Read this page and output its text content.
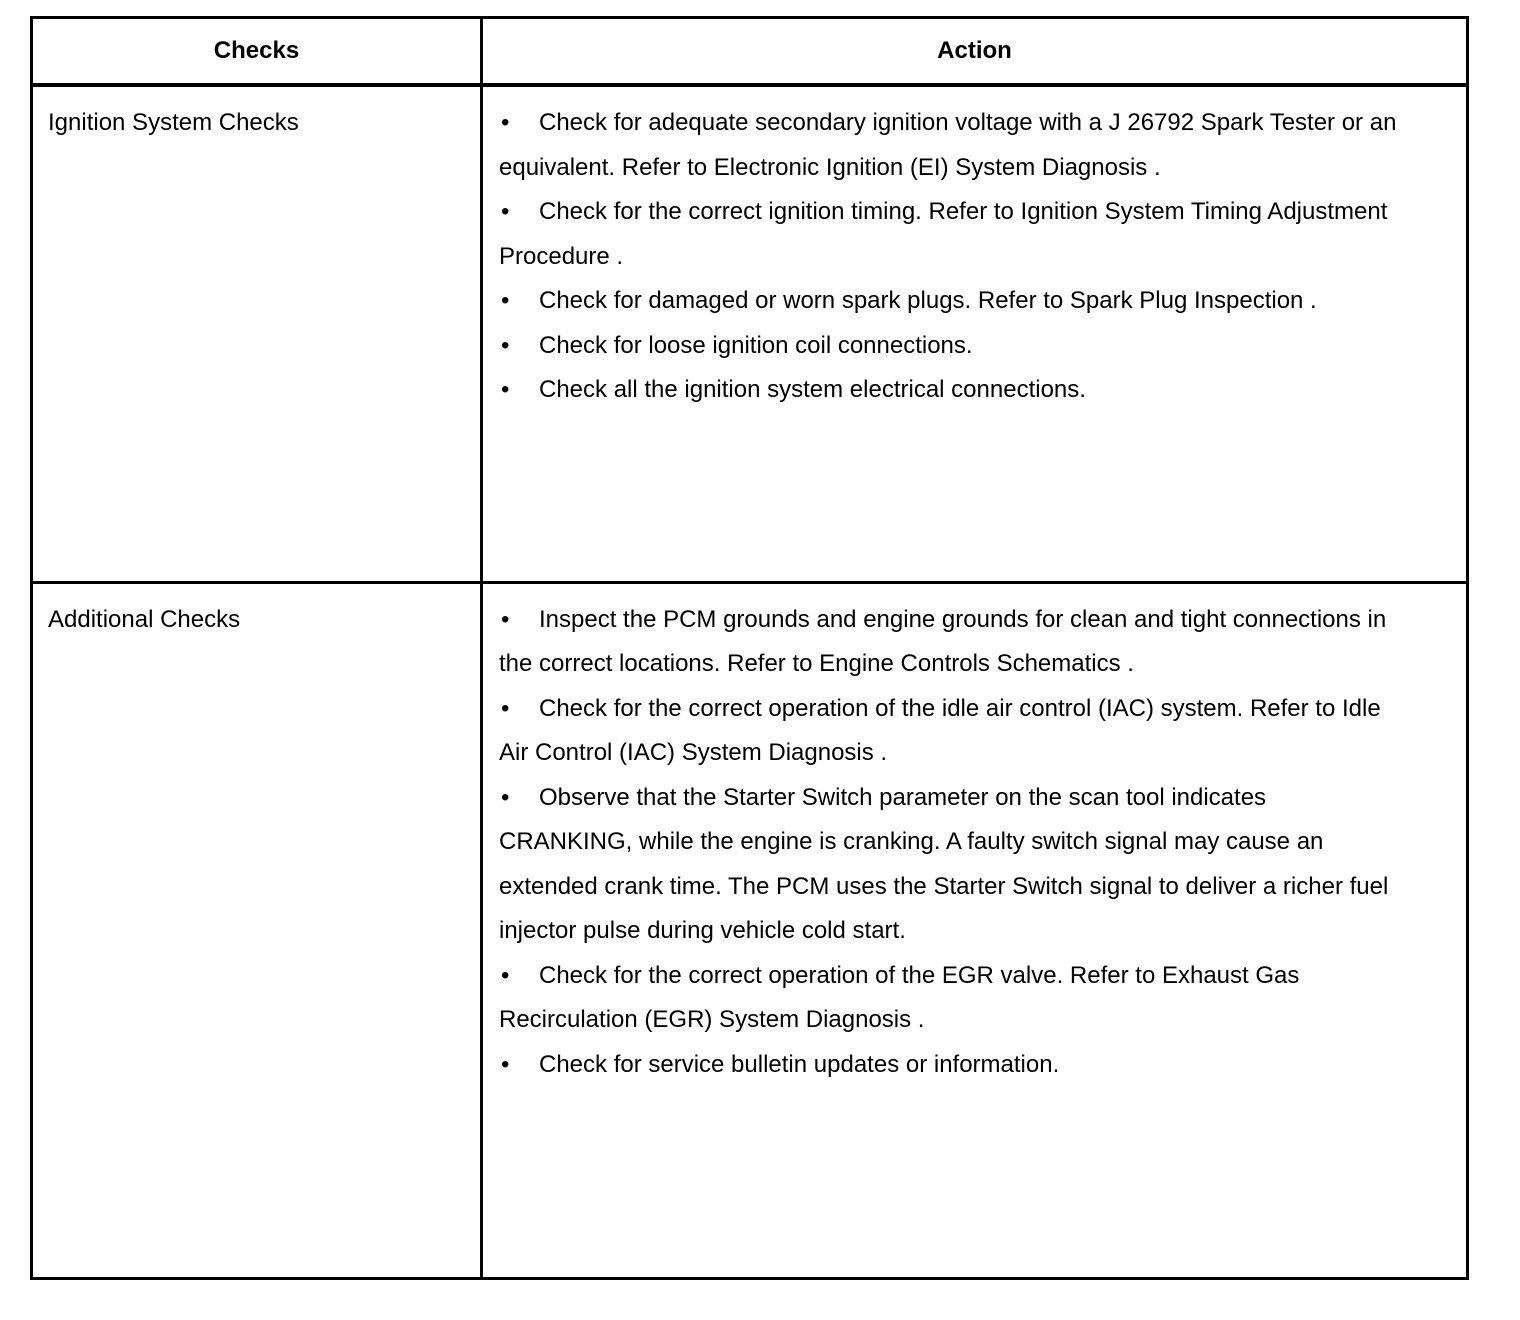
Checks	Action
Ignition System Checks	• Check for adequate secondary ignition voltage with a J 26792 Spark Tester or an equivalent. Refer to Electronic Ignition (EI) System Diagnosis .

• Check for the correct ignition timing. Refer to Ignition System Timing Adjustment Procedure .

• Check for damaged or worn spark plugs. Refer to Spark Plug Inspection .

• Check for loose ignition coil connections.

• Check all the ignition system electrical connections.

Additional Checks	• Inspect the PCM grounds and engine grounds for clean and tight connections in the correct locations. Refer to Engine Controls Schematics .

• Check for the correct operation of the idle air control (IAC) system. Refer to Idle Air Control (IAC) System Diagnosis .

• Observe that the Starter Switch parameter on the scan tool indicates CRANKING, while the engine is cranking. A faulty switch signal may cause an extended crank time. The PCM uses the Starter Switch signal to deliver a richer fuel injector pulse during vehicle cold start.

• Check for the correct operation of the EGR valve. Refer to Exhaust Gas Recirculation (EGR) System Diagnosis .

• Check for service bulletin updates or information.
